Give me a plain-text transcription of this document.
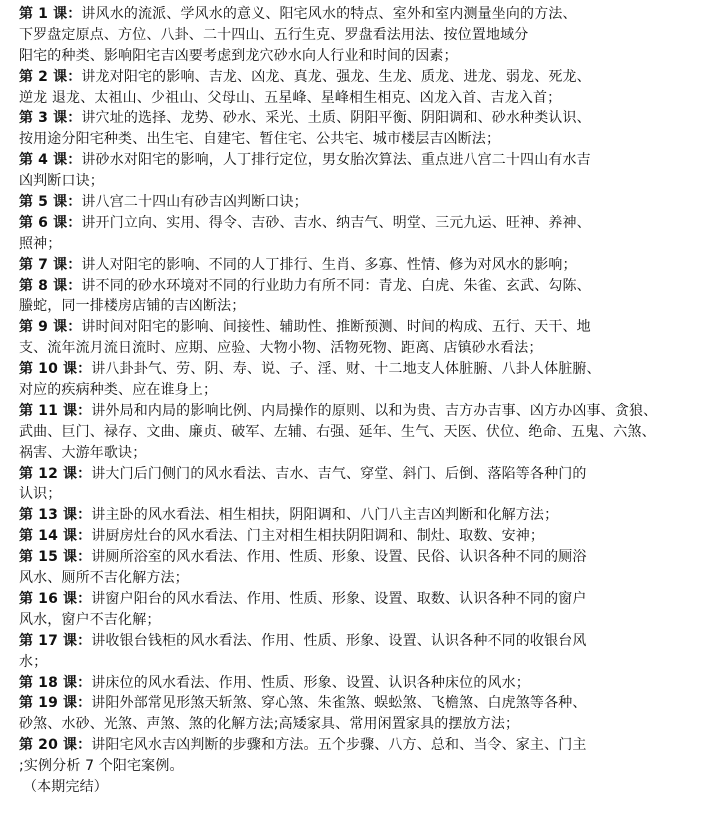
第 1 课：讲风水的流派、学风水的意义、阳宅风水的特点、室外和室内测量坐向的方法、
下罗盘定原点、方位、八卦、二十四山、五行生克、罗盘看法用法、按位置地域分
阳宅的种类、影响阳宅吉凶要考虑到龙穴砂水向人行业和时间的因素；
第 2 课：讲龙对阳宅的影响、吉龙、凶龙、真龙、强龙、生龙、质龙、进龙、弱龙、死龙、
逆龙 退龙、太祖山、少祖山、父母山、五星峰、星峰相生相克、凶龙入首、吉龙入首；
第 3 课：讲穴址的选择、龙势、砂水、采光、土质、阴阳平衡、阴阳调和、砂水种类认识、
按用途分阳宅种类、出生宅、自建宅、暂住宅、公共宅、城市楼层吉凶断法；
第 4 课：讲砂水对阳宅的影响，人丁排行定位，男女胎次算法、重点进八宫二十四山有水吉
凶判断口诀；
第 5 课：讲八宫二十四山有砂吉凶判断口诀；
第 6 课：讲开门立向、实用、得令、吉砂、吉水、纳吉气、明堂、三元九运、旺神、养神、
照神；
第 7 课：讲人对阳宅的影响、不同的人丁排行、生肖、多寡、性情、修为对风水的影响；
第 8 课：讲不同的砂水环境对不同的行业助力有所不同：青龙、白虎、朱雀、玄武、勾陈、
螣蛇，同一排楼房店铺的吉凶断法；
第 9 课：讲时间对阳宅的影响、间接性、辅助性、推断预测、时间的构成、五行、天干、地
支、流年流月流日流时、应期、应验、大物小物、活物死物、距离、店镇砂水看法；
第 10 课：讲八卦卦气、劳、阴、寿、说、子、淫、财、十二地支人体脏腑、八卦人体脏腑、
对应的疾病种类、应在谁身上；
第 11 课：讲外局和内局的影响比例、内局操作的原则、以和为贵、吉方办吉事、凶方办凶事、贪狼、
武曲、巨门、禄存、文曲、廉贞、破军、左辅、右强、延年、生气、天医、伏位、绝命、五鬼、六煞、
祸害、大游年歌诀；
第 12 课：讲大门后门侧门的风水看法、吉水、吉气、穿堂、斜门、后倒、落陷等各种门的
认识；
第 13 课：讲主卧的风水看法、相生相扶，阴阳调和、八门八主吉凶判断和化解方法；
第 14 课：讲厨房灶台的风水看法、门主对相生相扶阴阳调和、制灶、取数、安神；
第 15 课：讲厕所浴室的风水看法、作用、性质、形象、设置、民俗、认识各种不同的厕浴
风水、厕所不吉化解方法；
第 16 课：讲窗户阳台的风水看法、作用、性质、形象、设置、取数、认识各种不同的窗户
风水，窗户不吉化解；
第 17 课：讲收银台钱柜的风水看法、作用、性质、形象、设置、认识各种不同的收银台风
水；
第 18 课：讲床位的风水看法、作用、性质、形象、设置、认识各种床位的风水；
第 19 课：讲阳外部常见形煞天斩煞、穿心煞、朱雀煞、蜈蚣煞、飞檐煞、白虎煞等各种、
砂煞、水砂、光煞、声煞、煞的化解方法;高矮家具、常用闲置家具的摆放方法；
第 20 课：讲阳宅风水吉凶判断的步骤和方法。五个步骤、八方、总和、当令、家主、门主
;实例分析 7 个阳宅案例。
（本期完结）
